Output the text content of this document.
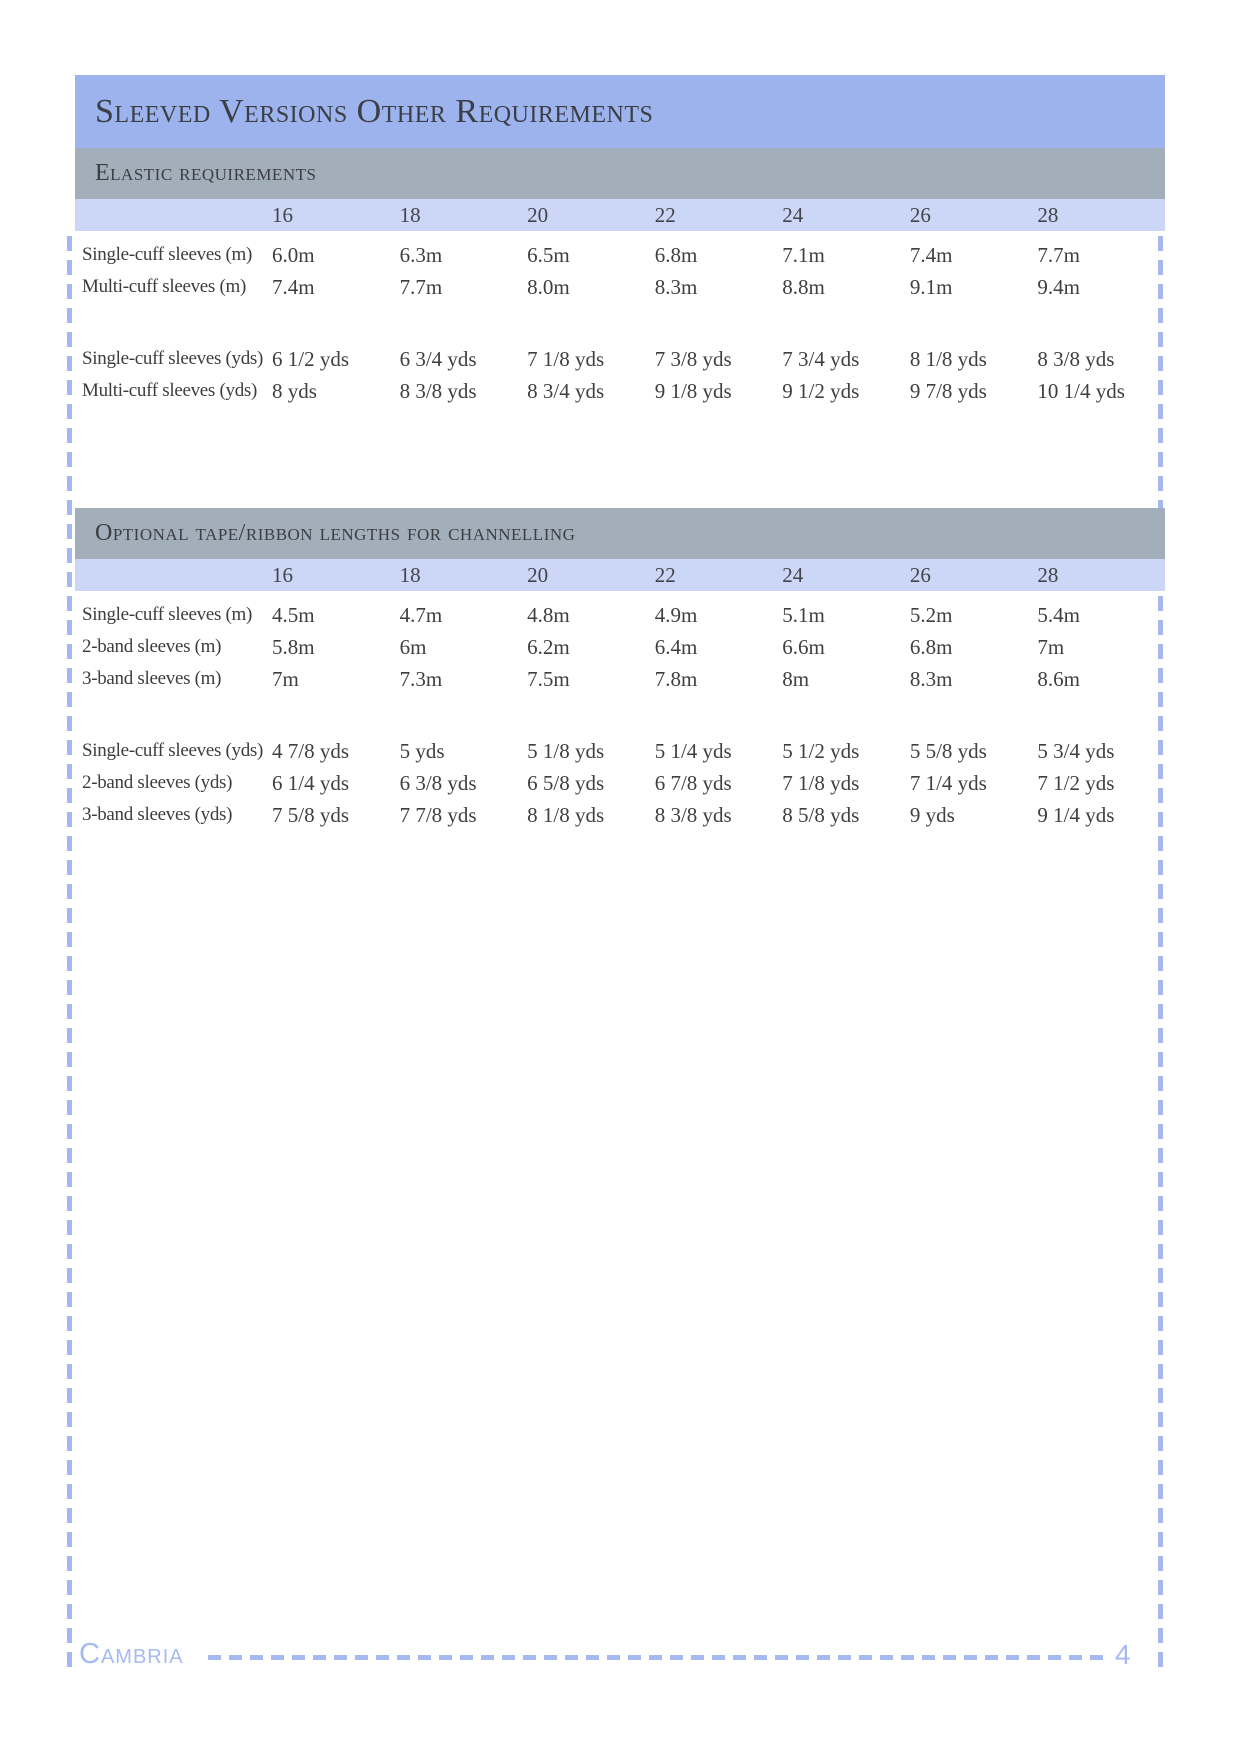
Sleeved Versions Other Requirements
Elastic requirements
16	18	20	22	24	26	28
Single-cuff sleeves (m) 6.0m	6.3m	6.5m	6.8m	7.1m	7.4m	7.7m
Multi-cuff sleeves (m)	7.4m	7.7m	8.0m	8.3m	8.8m	9.1m	9.4m
Single-cuff sleeves (yds) 6 1/2 yds	6 3/4 yds	7 1/8 yds	7 3/8 yds	7 3/4 yds	8 1/8 yds	8 3/8 yds
Multi-cuff sleeves (yds) 8 yds	8 3/8 yds	8 3/4 yds	9 1/8 yds	9 1/2 yds	9 7/8 yds	10 1/4 yds
Optional tape/ribbon lengths for channelling
16	18	20	22	24	26	28
Single-cuff sleeves (m) 4.5m	4.7m	4.8m	4.9m	5.1m	5.2m	5.4m
2-band sleeves (m)	5.8m	6m	6.2m	6.4m	6.6m	6.8m	7m
3-band sleeves (m)	7m	7.3m	7.5m	7.8m	8m	8.3m	8.6m
Single-cuff sleeves (yds) 4 7/8 yds	5 yds	5 1/8 yds	5 1/4 yds	5 1/2 yds	5 5/8 yds	5 3/4 yds
2-band sleeves (yds)	6 1/4 yds	6 3/8 yds	6 5/8 yds	6 7/8 yds	7 1/8 yds	7 1/4 yds	7 1/2 yds
3-band sleeves (yds)	7 5/8 yds	7 7/8 yds	8 1/8 yds	8 3/8 yds	8 5/8 yds	9 yds	9 1/4 yds
Cambria	4
